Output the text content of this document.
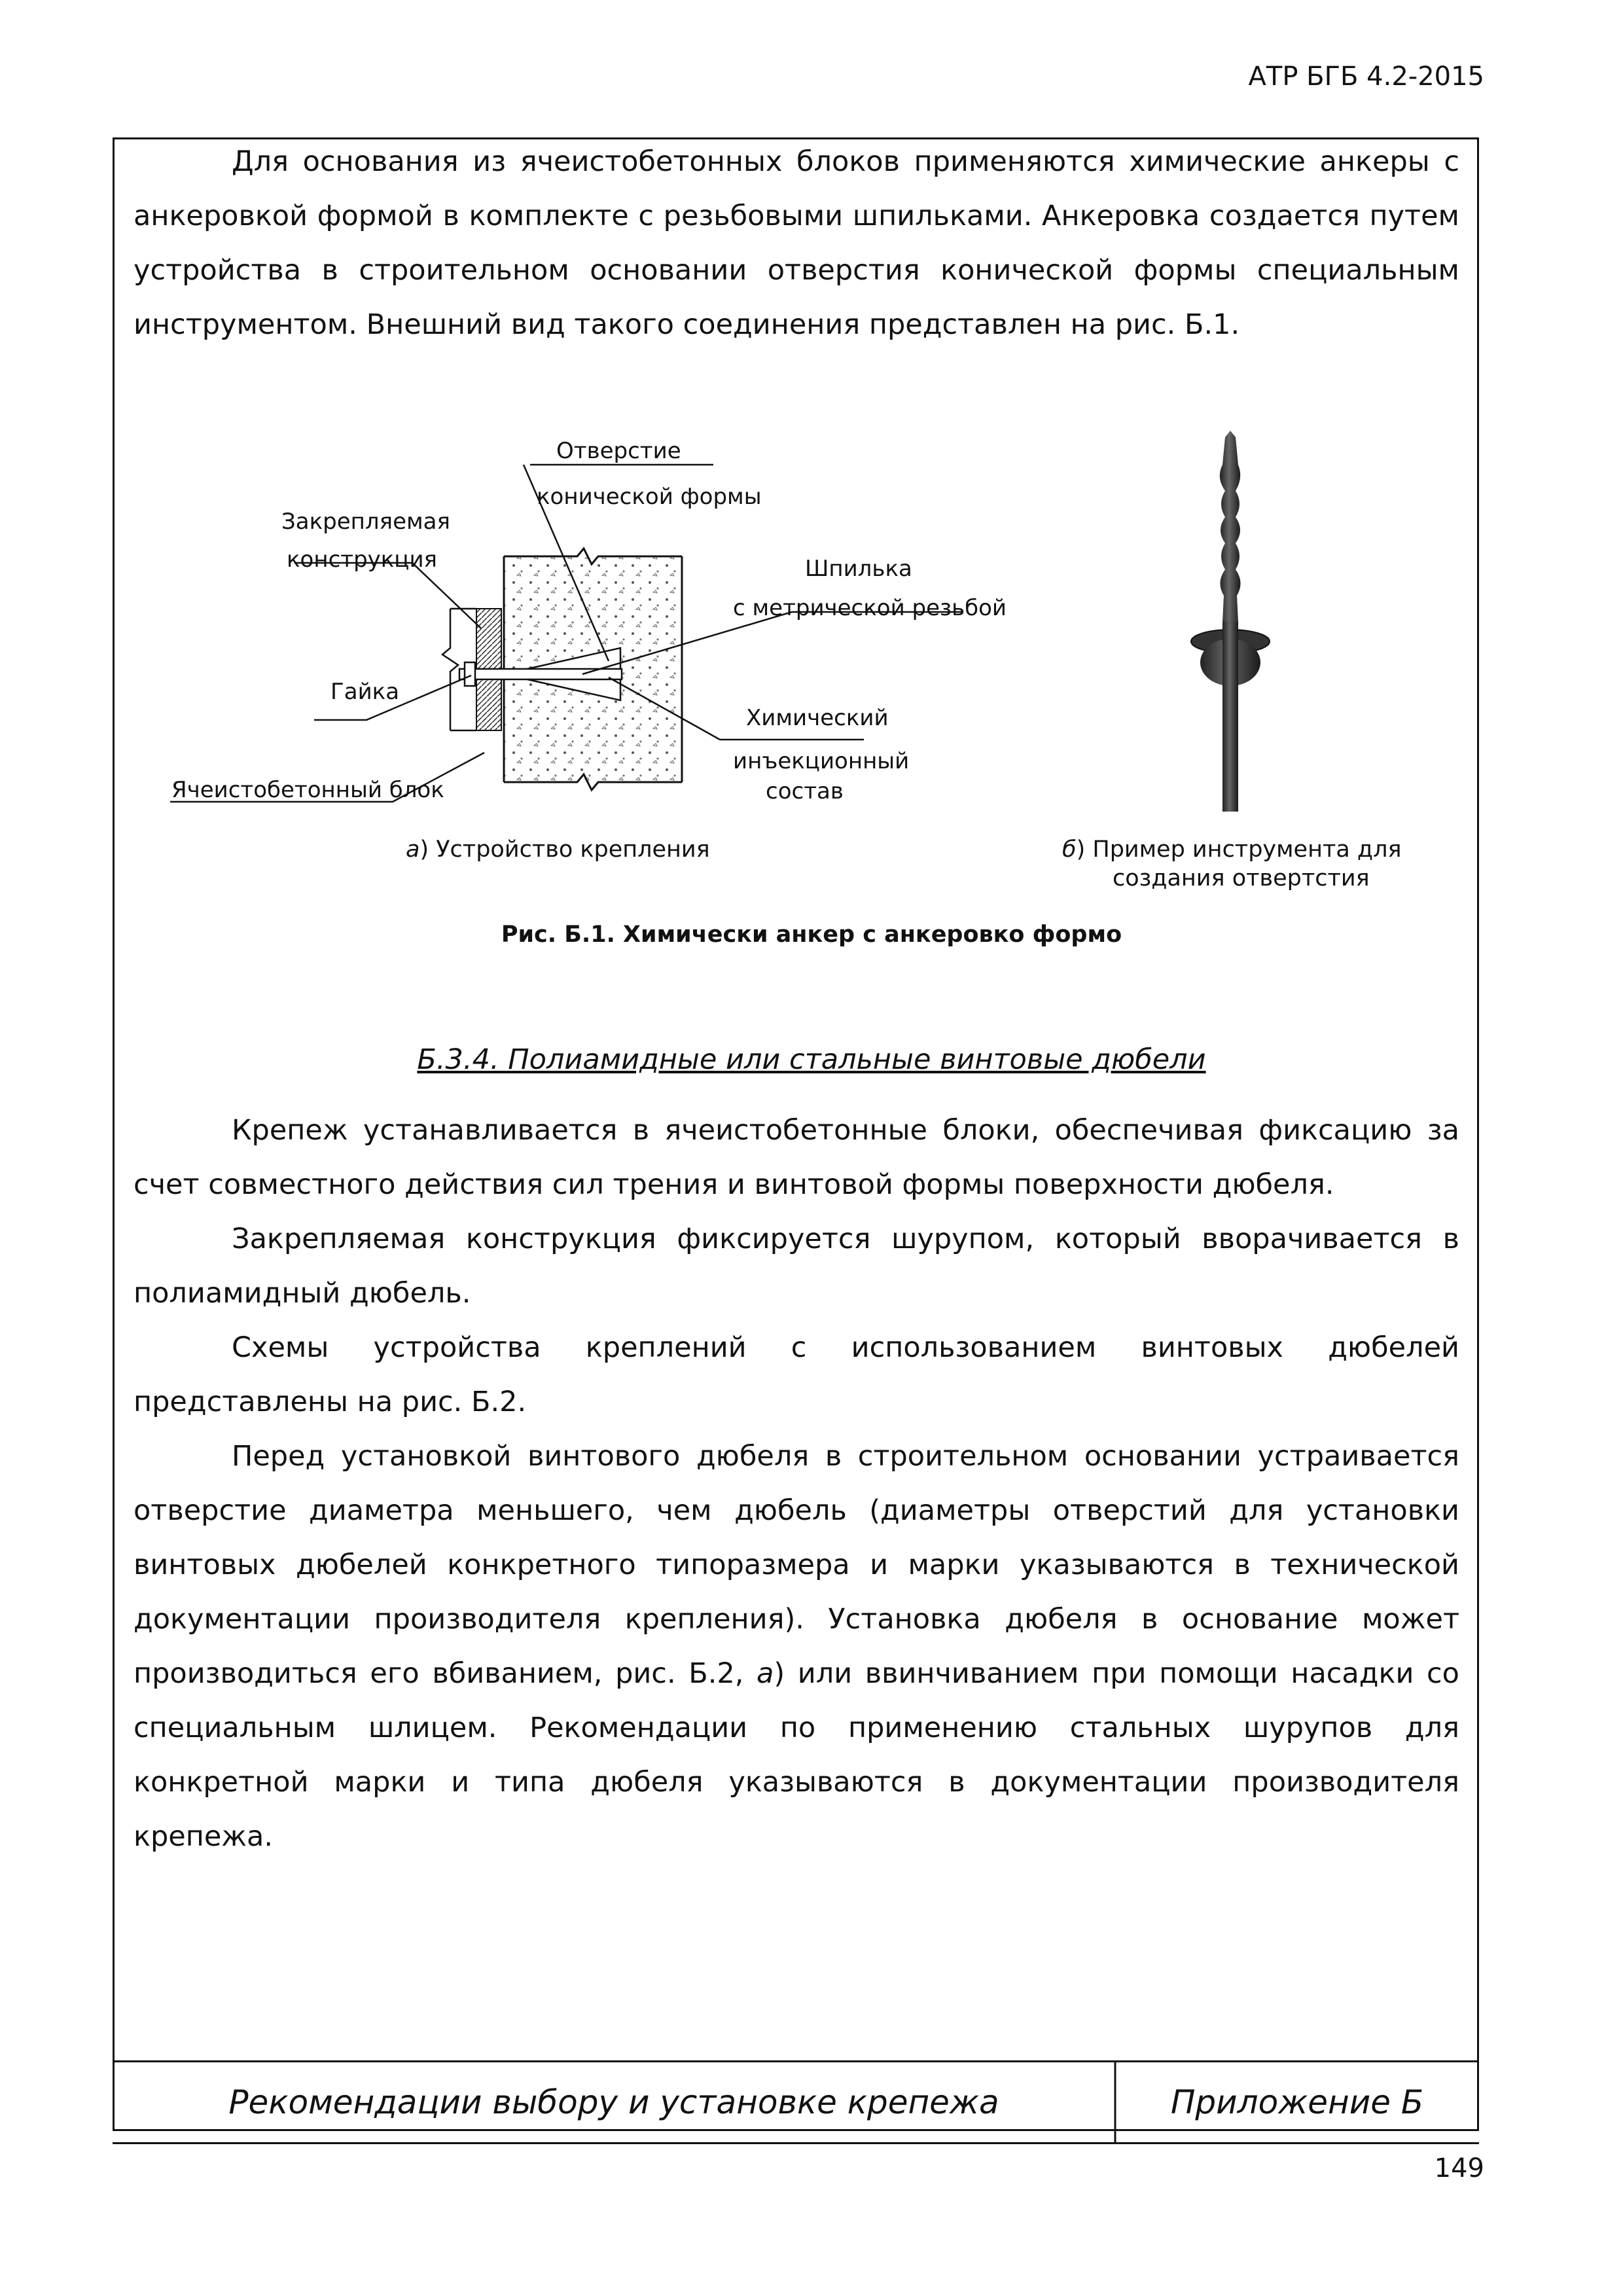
АТР БГБ 4.2-2015
Для основания из ячеистобетонных блоков применяются химические анкеры с анкеровкой формой в комплекте с резьбовыми шпильками. Анкеровка создается путем устройства в строительном основании отверстия конической формы специальным инструментом. Внешний вид такого соединения представлен на рис. Б.1.
Отверстие
конической формы
Закрепляемая
конструкция	Шпилька
с метрической резьбой
Гайка
Химический
инъекционный
состав
Ячеистобетонный блок
а) Устройство крепления	б) Пример инструмента для
создания отвертстия
Рис. Б.1. Химически анкер с анкеровко формо
Б.3.4. Полиамидные или стальные винтовые дюбели
Крепеж устанавливается в ячеистобетонные блоки, обеспечивая фиксацию за счет совместного действия сил трения и винтовой формы поверхности дюбеля.
Закрепляемая конструкция фиксируется шурупом, который вворачивается в полиамидный дюбель.
Схемы устройства креплений с использованием винтовых дюбелей представлены на рис. Б.2.
Перед установкой винтового дюбеля в строительном основании устраивается отверстие диаметра меньшего, чем дюбель (диаметры отверстий для установки винтовых дюбелей конкретного типоразмера и марки указываются в технической документации производителя крепления). Установка дюбеля в основание может производиться его вбиванием, рис. Б.2, а) или ввинчиванием при помощи насадки со специальным шлицем. Рекомендации по применению стальных шурупов для конкретной марки и типа дюбеля указываются в документации производителя крепежа.
Рекомендации выбору и установке крепежа	Приложение Б
149
